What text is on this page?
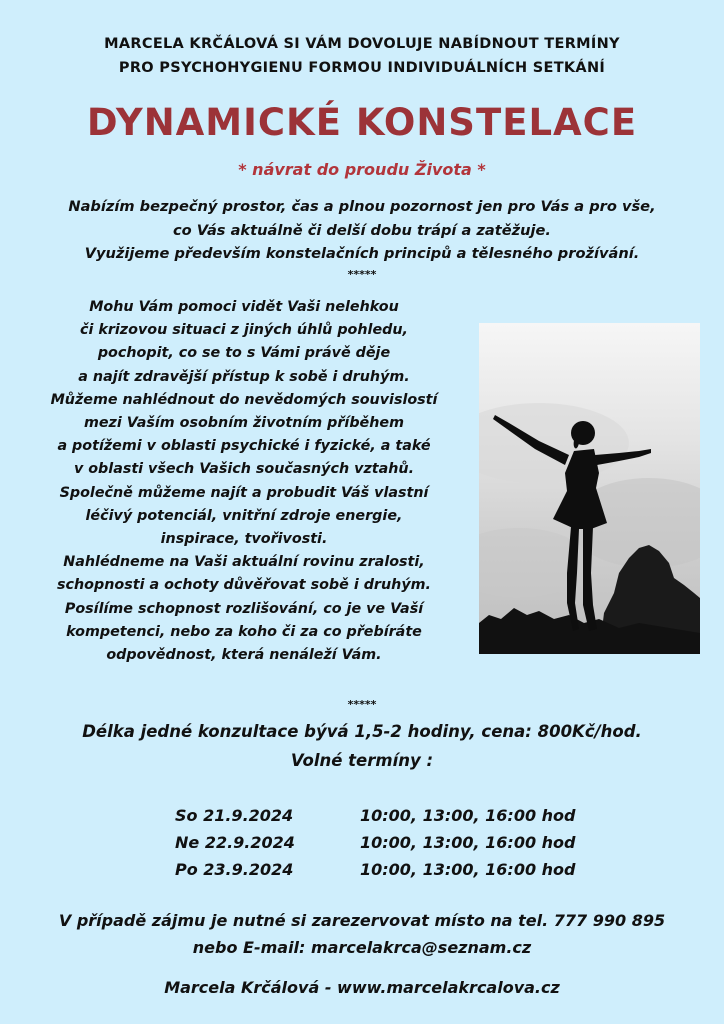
MARCELA KRČÁLOVÁ SI VÁM DOVOLUJE NABÍDNOUT TERMÍNY
PRO PSYCHOHYGIENU FORMOU INDIVIDUÁLNÍCH SETKÁNÍ
DYNAMICKÉ KONSTELACE
* návrat do proudu Života *
Nabízím bezpečný prostor, čas a plnou pozornost jen pro Vás a pro vše,
co Vás aktuálně či delší dobu trápí a zatěžuje.
Využijeme především konstelačních principů a tělesného prožívání.
*****
Mohu Vám pomoci vidět Vaši nelehkou
či krizovou situaci z jiných úhlů pohledu,
pochopit, co se to s Vámi právě děje
a najít zdravější přístup k sobě i druhým.
Můžeme nahlédnout do nevědomých souvislostí
mezi Vaším osobním životním příběhem
a potížemi v oblasti psychické i fyzické, a také
v oblasti všech Vašich současných vztahů.
Společně můžeme najít a probudit Váš vlastní
léčivý potenciál, vnitřní zdroje energie,
inspirace, tvořivosti.
Nahlédneme na Vaši aktuální rovinu zralosti,
schopnosti a ochoty důvěřovat sobě i druhým.
Posílíme schopnost rozlišování, co je ve Vaší
kompetenci, nebo za koho či za co přebíráte
odpovědnost, která nenáleží Vám.
*****
Délka jedné konzultace bývá 1,5-2 hodiny, cena: 800Kč/hod.
Volné termíny :
So 21.9.2024	10:00, 13:00, 16:00 hod
Ne 22.9.2024	10:00, 13:00, 16:00 hod
Po 23.9.2024	10:00, 13:00, 16:00 hod
V případě zájmu je nutné si zarezervovat místo na tel. 777 990 895
nebo E-mail: marcelakrca@seznam.cz
Marcela Krčálová - www.marcelakrcalova.cz
